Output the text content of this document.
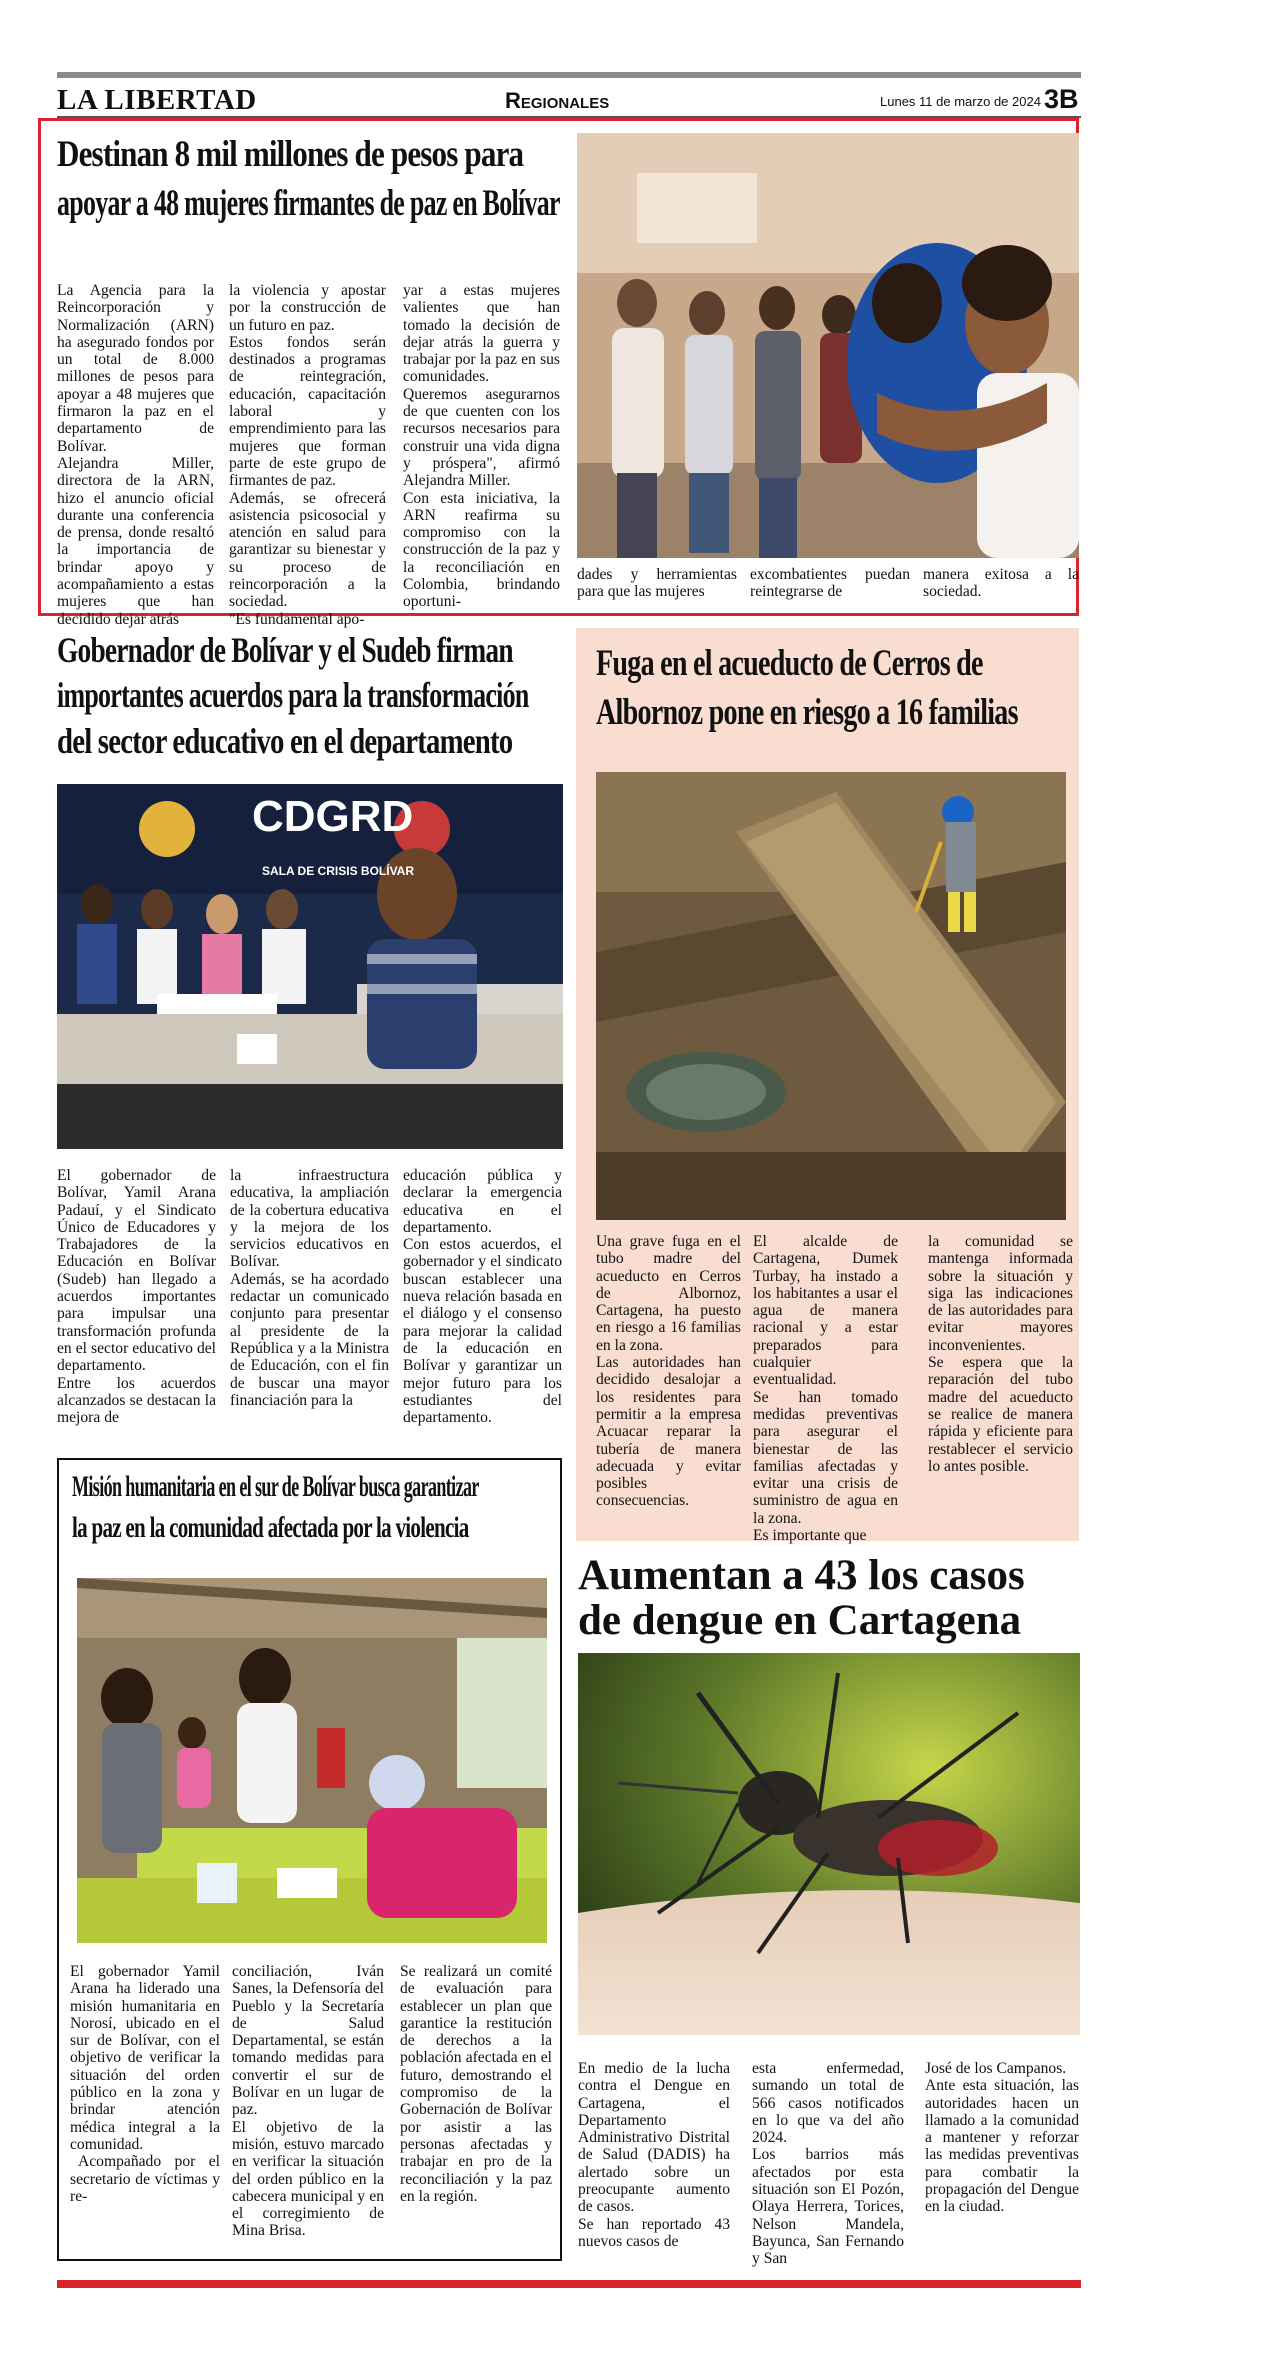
LA LIBERTAD	Regionales	Lunes 11 de marzo de 2024 3B
Destinan 8 mil millones de pesos para
apoyar a 48 mujeres firmantes de paz en Bolívar

La Agencia para la Reincorporación y Normalización (ARN) ha asegurado fondos por un total de 8.000 millones de pesos para apoyar a 48 mujeres que firmaron la paz en el departamento de Bolívar.

Alejandra Miller, directora de la ARN, hizo el anuncio oficial durante una conferencia de prensa, donde resaltó la importancia de brindar apoyo y acompañamiento a estas mujeres que han decidido dejar atrás

la violencia y apostar por la construcción de un futuro en paz.

Estos fondos serán destinados a programas de reintegración, educación, capacitación laboral y emprendimiento para las mujeres que forman parte de este grupo de firmantes de paz.

Además, se ofrecerá asistencia psicosocial y atención en salud para garantizar su bienestar y su proceso de reincorporación a la sociedad.

"Es fundamental apo-

yar a estas mujeres valientes que han tomado la decisión de dejar atrás la guerra y trabajar por la paz en sus comunidades.

Queremos asegurarnos de que cuenten con los recursos necesarios para construir una vida digna y próspera", afirmó Alejandra Miller.

Con esta iniciativa, la ARN reafirma su compromiso con la construcción de la paz y la reconciliación en Colombia, brindando oportuni-

dades y herramientas para que las mujeres

excombatientes puedan reintegrarse de

manera exitosa a la sociedad.

Gobernador de Bolívar y el Sudeb firman
importantes acuerdos para la transformación
del sector educativo en el departamento
CDGRD
SALA DE CRISIS BOLÍVAR

El gobernador de Bolívar, Yamil Arana Padauí, y el Sindicato Único de Educadores y Trabajadores de la Educación en Bolívar (Sudeb) han llegado a acuerdos importantes para impulsar una transformación profunda en el sector educativo del departamento.

Entre los acuerdos alcanzados se destacan la mejora de

la infraestructura educativa, la ampliación de la cobertura educativa y la mejora de los servicios educativos en Bolívar.

Además, se ha acordado redactar un comunicado conjunto para presentar al presidente de la República y a la Ministra de Educación, con el fin de buscar una mayor financiación para la

educación pública y declarar la emergencia educativa en el departamento.

Con estos acuerdos, el gobernador y el sindicato buscan establecer una nueva relación basada en el diálogo y el consenso para mejorar la calidad de la educación en Bolívar y garantizar un mejor futuro para los estudiantes del departamento.

Fuga en el acueducto de Cerros de
Albornoz pone en riesgo a 16 familias

Una grave fuga en el tubo madre del acueducto en Cerros de Albornoz, Cartagena, ha puesto en riesgo a 16 familias en la zona.

Las autoridades han decidido desalojar a los residentes para permitir a la empresa Acuacar reparar la tubería de manera adecuada y evitar posibles consecuencias.

El alcalde de Cartagena, Dumek Turbay, ha instado a los habitantes a usar el agua de manera racional y a estar preparados para cualquier eventualidad.

Se han tomado medidas preventivas para asegurar el bienestar de las familias afectadas y evitar una crisis de suministro de agua en la zona.

Es importante que

la comunidad se mantenga informada sobre la situación y siga las indicaciones de las autoridades para evitar mayores inconvenientes.

Se espera que la reparación del tubo madre del acueducto se realice de manera rápida y eficiente para restablecer el servicio lo antes posible.

Misión humanitaria en el sur de Bolívar busca garantizar
la paz en la comunidad afectada por la violencia

El gobernador Yamil Arana ha liderado una misión humanitaria en Norosí, ubicado en el sur de Bolívar, con el objetivo de verificar la situación del orden público en la zona y brindar atención médica integral a la comunidad.

Acompañado por el secretario de víctimas y re-

conciliación, Iván Sanes, la Defensoría del Pueblo y la Secretaría de Salud Departamental, se están tomando medidas para convertir el sur de Bolívar en un lugar de paz.

El objetivo de la misión, estuvo marcado en verificar la situación del orden público en la cabecera municipal y en el corregimiento de Mina Brisa.

Se realizará un comité de evaluación para establecer un plan que garantice la restitución de derechos a la población afectada en el futuro, demostrando el compromiso de la Gobernación de Bolívar por asistir a las personas afectadas y trabajar en pro de la reconciliación y la paz en la región.

Aumentan a 43 los casos
de dengue en Cartagena

En medio de la lucha contra el Dengue en Cartagena, el Departamento Administrativo Distrital de Salud (DADIS) ha alertado sobre un preocupante aumento de casos.

Se han reportado 43 nuevos casos de

esta enfermedad, sumando un total de 566 casos notificados en lo que va del año 2024.

Los barrios más afectados por esta situación son El Pozón, Olaya Herrera, Torices, Nelson Mandela, Bayunca, San Fernando y San

José de los Campanos.

Ante esta situación, las autoridades hacen un llamado a la comunidad a mantener y reforzar las medidas preventivas para combatir la propagación del Dengue en la ciudad.
